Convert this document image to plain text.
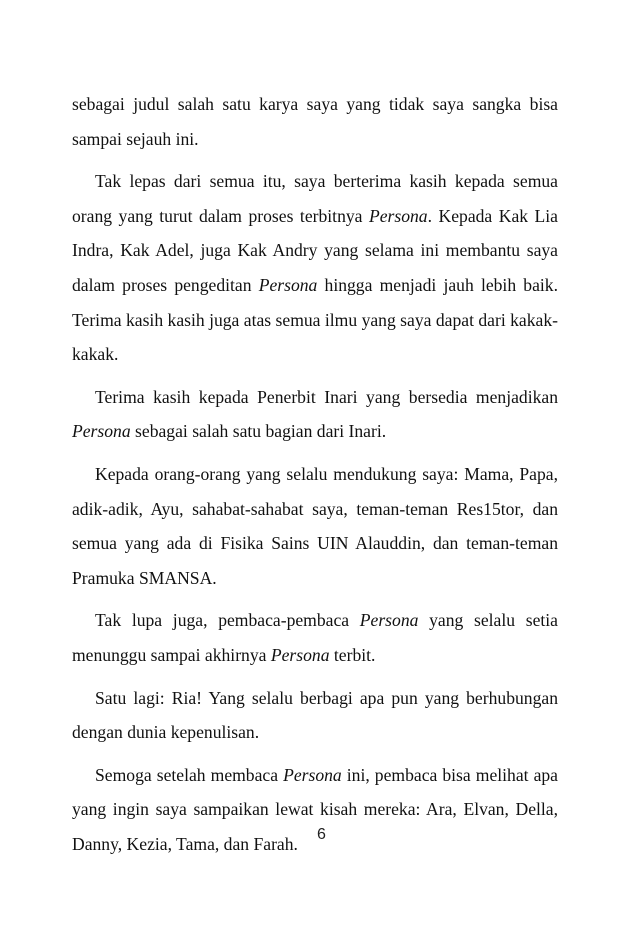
sebagai judul salah satu karya saya yang tidak saya sangka bisa sampai sejauh ini.

Tak lepas dari semua itu, saya berterima kasih kepada semua orang yang turut dalam proses terbitnya Persona. Kepada Kak Lia Indra, Kak Adel, juga Kak Andry yang selama ini membantu saya dalam proses pengeditan Persona hingga menjadi jauh lebih baik. Terima kasih kasih juga atas semua ilmu yang saya dapat dari kakak-kakak.

Terima kasih kepada Penerbit Inari yang bersedia menjadikan Persona sebagai salah satu bagian dari Inari.

Kepada orang-orang yang selalu mendukung saya: Mama, Papa, adik-adik, Ayu, sahabat-sahabat saya, teman-teman Res15tor, dan semua yang ada di Fisika Sains UIN Alauddin, dan teman-teman Pramuka SMANSA.

Tak lupa juga, pembaca-pembaca Persona yang selalu setia menunggu sampai akhirnya Persona terbit.

Satu lagi: Ria! Yang selalu berbagi apa pun yang berhubungan dengan dunia kepenulisan.

Semoga setelah membaca Persona ini, pembaca bisa melihat apa yang ingin saya sampaikan lewat kisah mereka: Ara, Elvan, Della, Danny, Kezia, Tama, dan Farah.	6
